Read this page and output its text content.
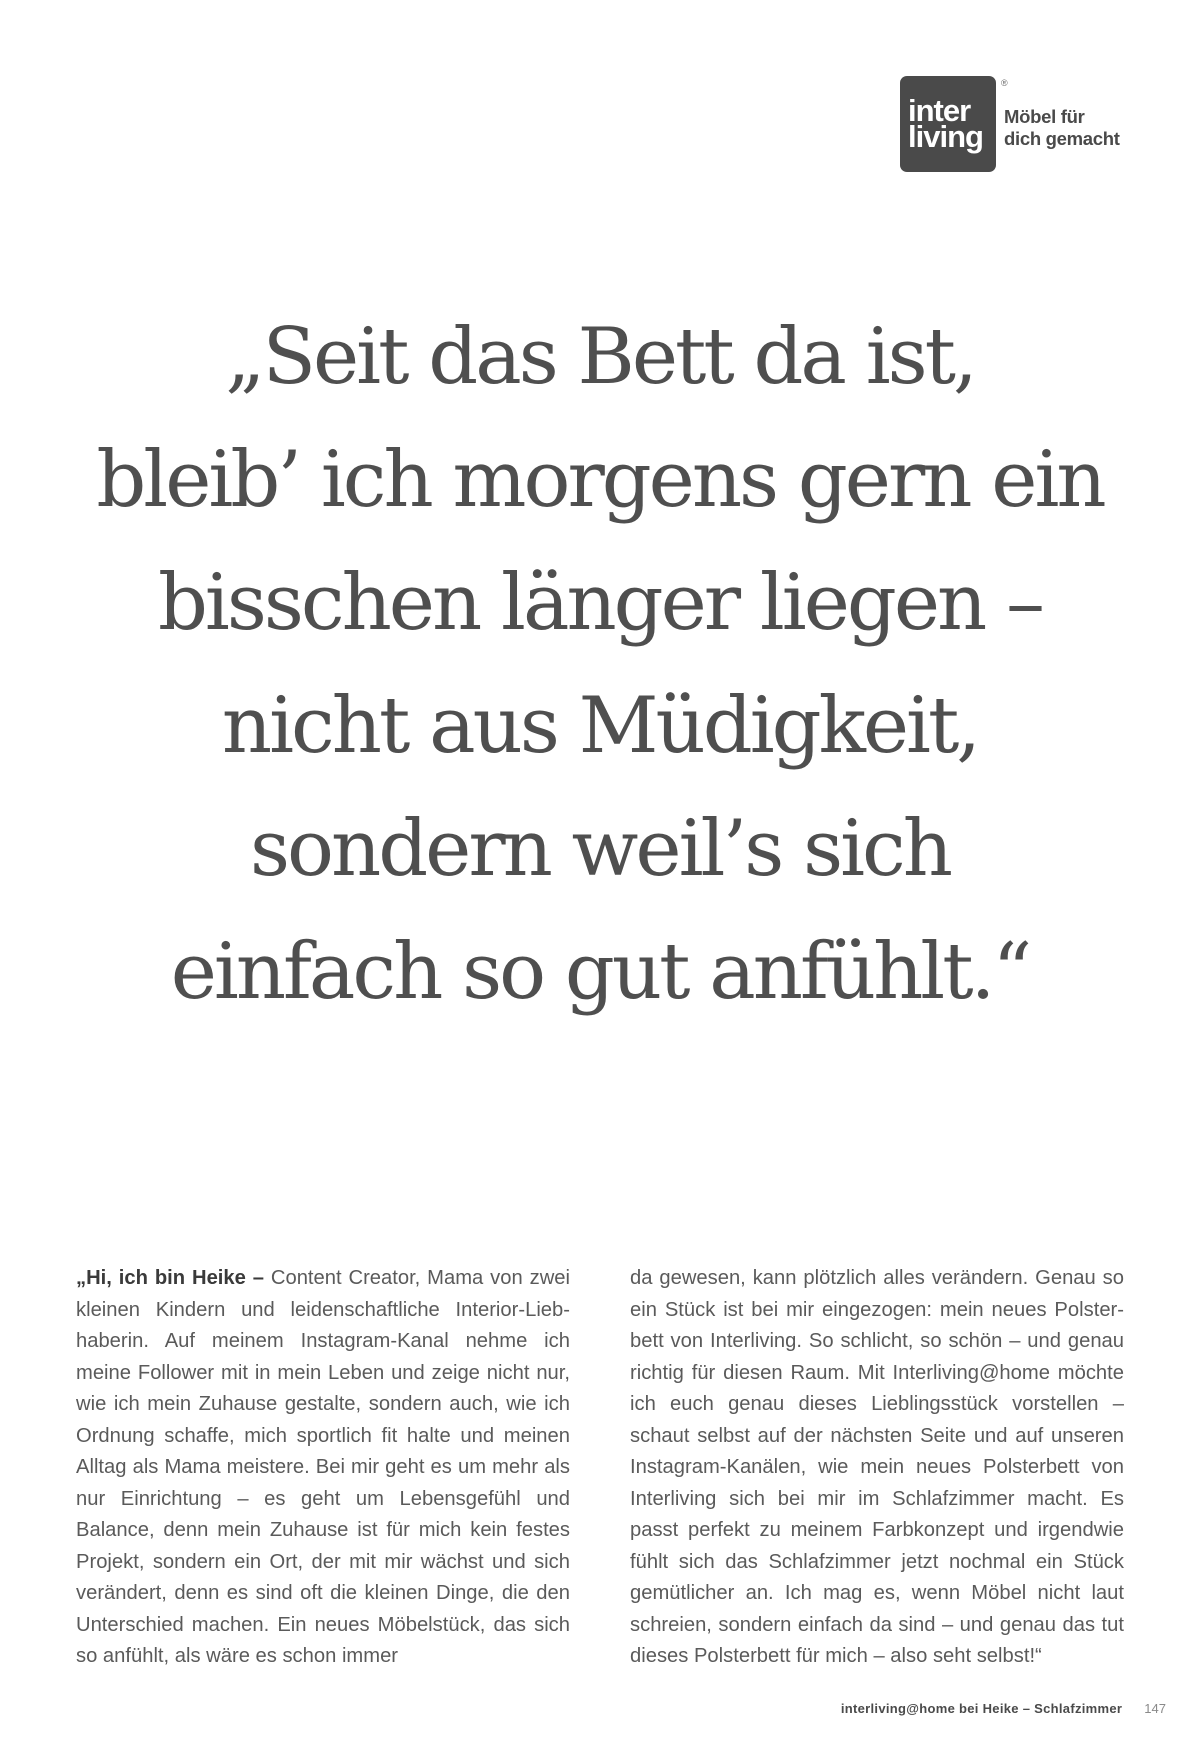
inter
living
®
Möbel für
dich gemacht
„Seit das Bett da ist,
bleib’ ich morgens gern ein
bisschen länger liegen –
nicht aus Müdigkeit,
sondern weil’s sich
einfach so gut anfühlt.“
„Hi, ich bin Heike – Content Creator, Mama von zwei kleinen Kindern und leidenschaftliche Interior-Liebhaberin. Auf meinem Instagram-Kanal nehme ich meine Follower mit in mein Leben und zeige nicht nur, wie ich mein Zuhause gestalte, sondern auch, wie ich Ordnung schaffe, mich sportlich fit halte und meinen Alltag als Mama meistere. Bei mir geht es um mehr als nur Einrichtung – es geht um Lebensgefühl und Balance, denn mein Zuhause ist für mich kein festes Projekt, sondern ein Ort, der mit mir wächst und sich verändert, denn es sind oft die kleinen Dinge, die den Unterschied machen. Ein neues Möbelstück, das sich so anfühlt, als wäre es schon immer
da gewesen, kann plötzlich alles verändern. Genau so ein Stück ist bei mir eingezogen: mein neues Polsterbett von Interliving. So schlicht, so schön – und genau richtig für diesen Raum. Mit Interliving@home möchte ich euch genau dieses Lieblingsstück vorstellen – schaut selbst auf der nächsten Seite und auf unseren Instagram-Kanälen, wie mein neues Polsterbett von Interliving sich bei mir im Schlafzimmer macht. Es passt perfekt zu meinem Farbkonzept und irgendwie fühlt sich das Schlafzimmer jetzt nochmal ein Stück gemütlicher an. Ich mag es, wenn Möbel nicht laut schreien, sondern einfach da sind – und genau das tut dieses Polsterbett für mich – also seht selbst!“
interliving@home bei Heike – Schlafzimmer 147
